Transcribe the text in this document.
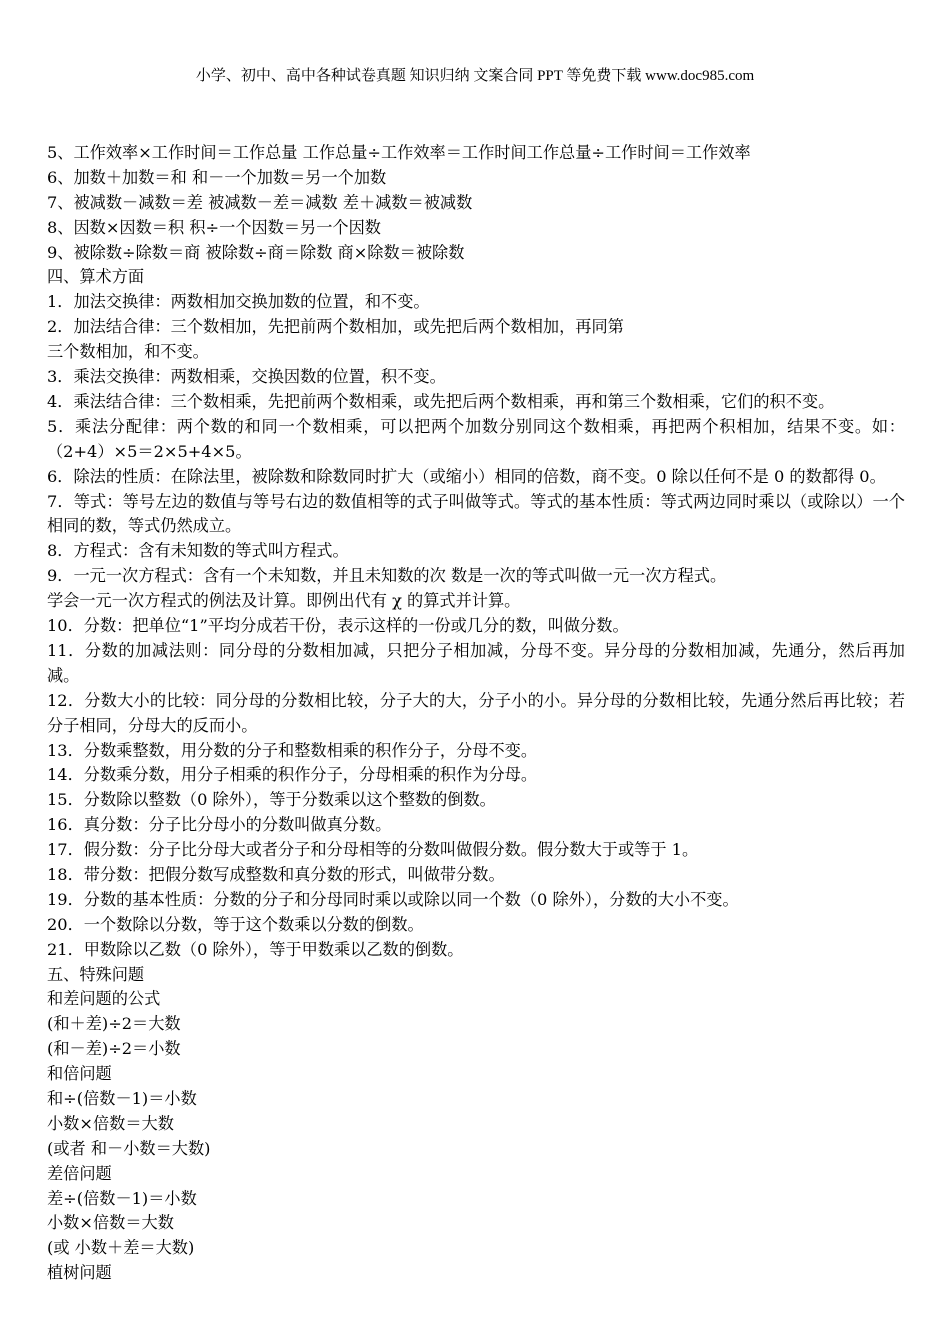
小学、初中、高中各种试卷真题 知识归纳 文案合同 PPT 等免费下载 www.doc985.com
5、工作效率×工作时间＝工作总量 工作总量÷工作效率＝工作时间工作总量÷工作时间＝工作效率
6、加数＋加数＝和 和－一个加数＝另一个加数
7、被减数－减数＝差 被减数－差＝减数 差＋减数＝被减数
8、因数×因数＝积 积÷一个因数＝另一个因数
9、被除数÷除数＝商 被除数÷商＝除数 商×除数＝被除数
四、算术方面
1．加法交换律：两数相加交换加数的位置，和不变。
2．加法结合律：三个数相加，先把前两个数相加，或先把后两个数相加，再同第
三个数相加，和不变。
3．乘法交换律：两数相乘，交换因数的位置，积不变。
4．乘法结合律：三个数相乘，先把前两个数相乘，或先把后两个数相乘，再和第三个数相乘，它们的积不变。
5．乘法分配律：两个数的和同一个数相乘，可以把两个加数分别同这个数相乘，再把两个积相加，结果不变。如：（2+4）×5＝2×5+4×5。
6．除法的性质：在除法里，被除数和除数同时扩大（或缩小）相同的倍数，商不变。0 除以任何不是 0 的数都得 0。
7．等式：等号左边的数值与等号右边的数值相等的式子叫做等式。等式的基本性质：等式两边同时乘以（或除以）一个相同的数，等式仍然成立。
8．方程式：含有未知数的等式叫方程式。
9．一元一次方程式：含有一个未知数，并且未知数的次 数是一次的等式叫做一元一次方程式。
学会一元一次方程式的例法及计算。即例出代有 χ 的算式并计算。
10．分数：把单位“1”平均分成若干份，表示这样的一份或几分的数，叫做分数。
11．分数的加减法则：同分母的分数相加减，只把分子相加减，分母不变。异分母的分数相加减，先通分，然后再加减。
12．分数大小的比较：同分母的分数相比较，分子大的大，分子小的小。异分母的分数相比较，先通分然后再比较；若分子相同，分母大的反而小。
13．分数乘整数，用分数的分子和整数相乘的积作分子，分母不变。
14．分数乘分数，用分子相乘的积作分子，分母相乘的积作为分母。
15．分数除以整数（0 除外），等于分数乘以这个整数的倒数。
16．真分数：分子比分母小的分数叫做真分数。
17．假分数：分子比分母大或者分子和分母相等的分数叫做假分数。假分数大于或等于 1。
18．带分数：把假分数写成整数和真分数的形式，叫做带分数。
19．分数的基本性质：分数的分子和分母同时乘以或除以同一个数（0 除外），分数的大小不变。
20．一个数除以分数，等于这个数乘以分数的倒数。
21．甲数除以乙数（0 除外），等于甲数乘以乙数的倒数。
五、特殊问题
和差问题的公式
(和＋差)÷2＝大数
(和－差)÷2＝小数
和倍问题
和÷(倍数－1)＝小数
小数×倍数＝大数
(或者 和－小数＝大数)
差倍问题
差÷(倍数－1)＝小数
小数×倍数＝大数
(或 小数＋差＝大数)
植树问题
